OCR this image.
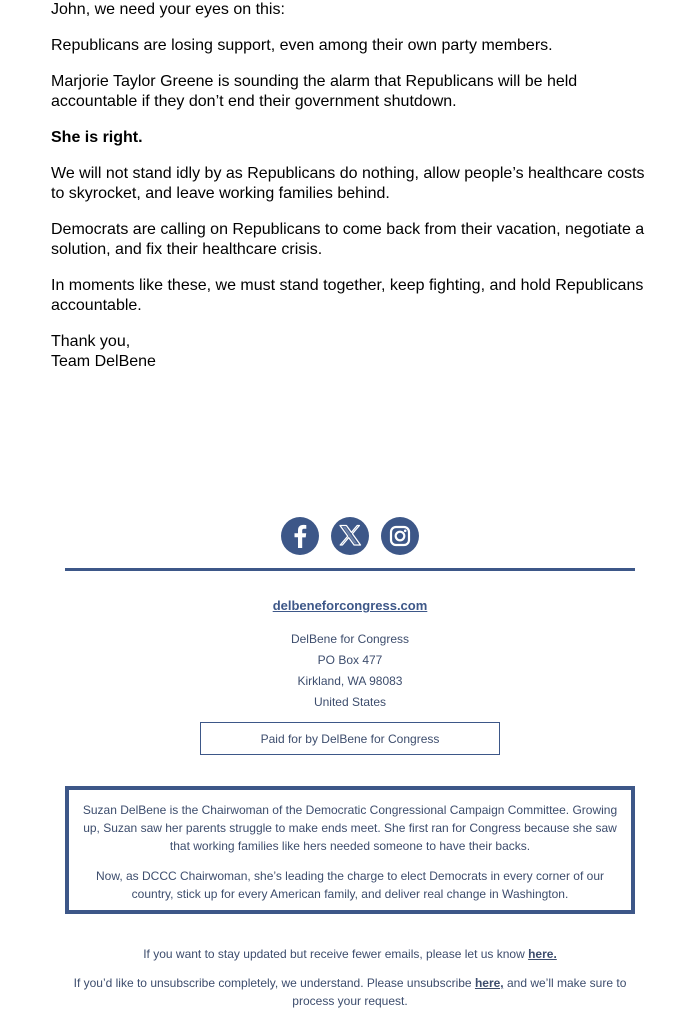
John, we need your eyes on this:

Republicans are losing support, even among their own party members.

Marjorie Taylor Greene is sounding the alarm that Republicans will be held accountable if they don’t end their government shutdown.

She is right.

We will not stand idly by as Republicans do nothing, allow people’s healthcare costs to skyrocket, and leave working families behind.

Democrats are calling on Republicans to come back from their vacation, negotiate a solution, and fix their healthcare crisis.

In moments like these, we must stand together, keep fighting, and hold Republicans accountable.

Thank you,
Team DelBene

delbeneforcongress.com
DelBene for Congress
PO Box 477
Kirkland, WA 98083
United States
Paid for by DelBene for Congress

Suzan DelBene is the Chairwoman of the Democratic Congressional Campaign Committee. Growing up, Suzan saw her parents struggle to make ends meet. She first ran for Congress because she saw that working families like hers needed someone to have their backs.

Now, as DCCC Chairwoman, she’s leading the charge to elect Democrats in every corner of our country, stick up for every American family, and deliver real change in Washington.

If you want to stay updated but receive fewer emails, please let us know here.
If you’d like to unsubscribe completely, we understand. Please unsubscribe here, and we’ll make sure to process your request.
